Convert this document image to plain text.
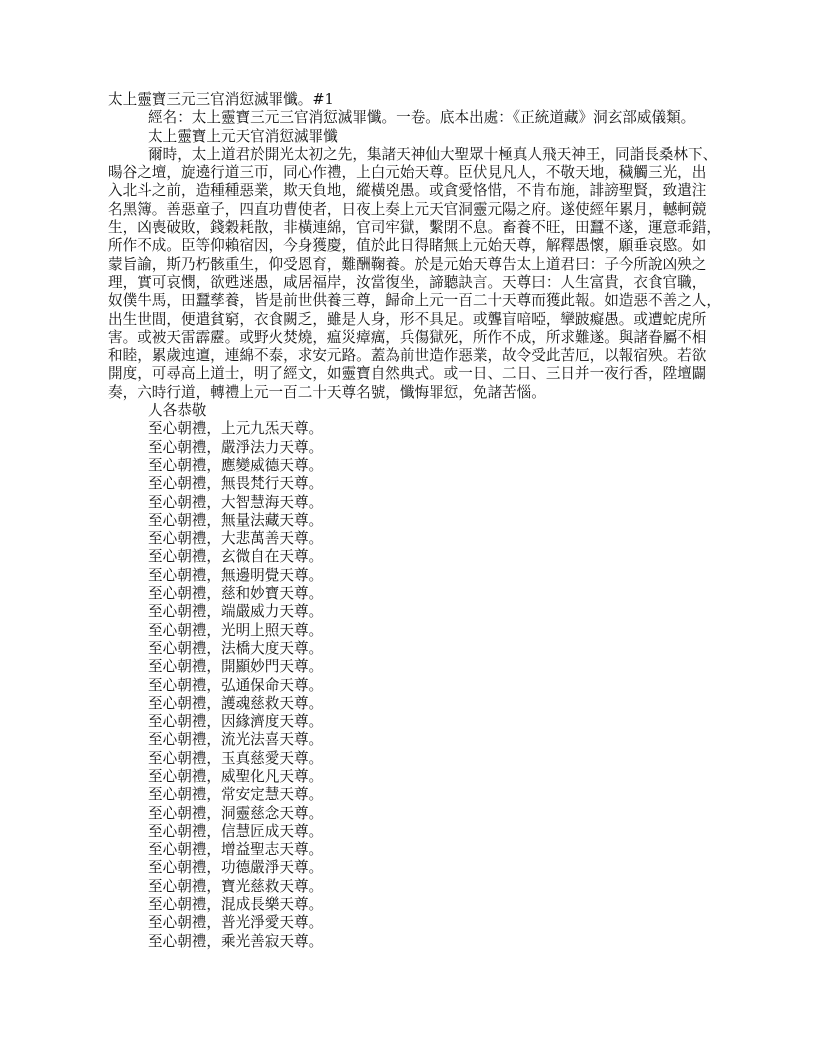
太上靈寶三元三官消愆滅罪懺。#1

經名：太上靈寶三元三官消愆滅罪懺。一卷。底本出處：《正統道藏》洞玄部威儀類。

太上靈寶上元天官消愆滅罪懺

爾時，太上道君於開光太初之先，集諸天神仙大聖眾十極真人飛天神王，同詣長桑林下、

暘谷之壇，旋遶行道三帀，同心作禮，上白元始天尊。臣伏見凡人，不敬天地，穢觸三光，出

入北斗之前，造種種惡業，欺天負地，縱橫兇愚。或貪愛恪惜，不肯布施，誹謗聖賢，致遣注

名黑簿。善惡童子，四直功曹使者，日夜上奏上元天官洞靈元陽之府。遂使經年累月，轗軻競

生，凶喪破敗，錢穀耗散，非橫連綿，官司牢獄，繫閉不息。畜養不旺，田蠶不遂，運意乖錯，

所作不成。臣等仰賴宿因，今身獲慶，值於此日得睹無上元始天尊，解釋愚懷，願垂哀愍。如

蒙旨諭，斯乃朽骸重生，仰受恩育，難酬鞠養。於是元始天尊告太上道君曰：子今所說凶殃之

理，實可哀憫，欲甦迷愚，咸居福岸，汝當復坐，諦聽訣言。天尊曰：人生富貴，衣食官職，

奴僕牛馬，田蠶孳養，皆是前世供養三尊，歸命上元一百二十天尊而獲此報。如造惡不善之人，

出生世間，便遣貧窮，衣食闕乏，雖是人身，形不具足。或聾盲喑啞，攣跛癡愚。或遭蛇虎所

害。或被天雷霹靂。或野火焚燒，瘟災瘴癘，兵傷獄死，所作不成，所求難遂。與諸眷屬不相

和睦，累歲迍邅，連綿不泰，求安元路。蓋為前世造作惡業，故令受此苦厄，以報宿殃。若欲

開度，可尋高上道士，明了經文，如靈寶自然典式。或一日、二日、三日并一夜行香，陞壇闢

奏，六時行道，轉禮上元一百二十天尊名號，懺悔罪愆，免諸苦惱。

人各恭敬

至心朝禮，上元九炁天尊。
至心朝禮，嚴淨法力天尊。
至心朝禮，應變威德天尊。
至心朝禮，無畏梵行天尊。
至心朝禮，大智慧海天尊。
至心朝禮，無量法藏天尊。
至心朝禮，大悲萬善天尊。
至心朝禮，玄微自在天尊。
至心朝禮，無邊明覺天尊。
至心朝禮，慈和妙寶天尊。
至心朝禮，端嚴威力天尊。
至心朝禮，光明上照天尊。
至心朝禮，法橋大度天尊。
至心朝禮，開顯妙門天尊。
至心朝禮，弘通保命天尊。
至心朝禮，護魂慈救天尊。
至心朝禮，因緣濟度天尊。
至心朝禮，流光法喜天尊。
至心朝禮，玉真慈愛天尊。
至心朝禮，威聖化凡天尊。
至心朝禮，常安定慧天尊。
至心朝禮，洞靈慈念天尊。
至心朝禮，信慧匠成天尊。
至心朝禮，增益聖志天尊。
至心朝禮，功德嚴淨天尊。
至心朝禮，寶光慈救天尊。
至心朝禮，混成長樂天尊。
至心朝禮，普光淨愛天尊。
至心朝禮，乘光善寂天尊。
